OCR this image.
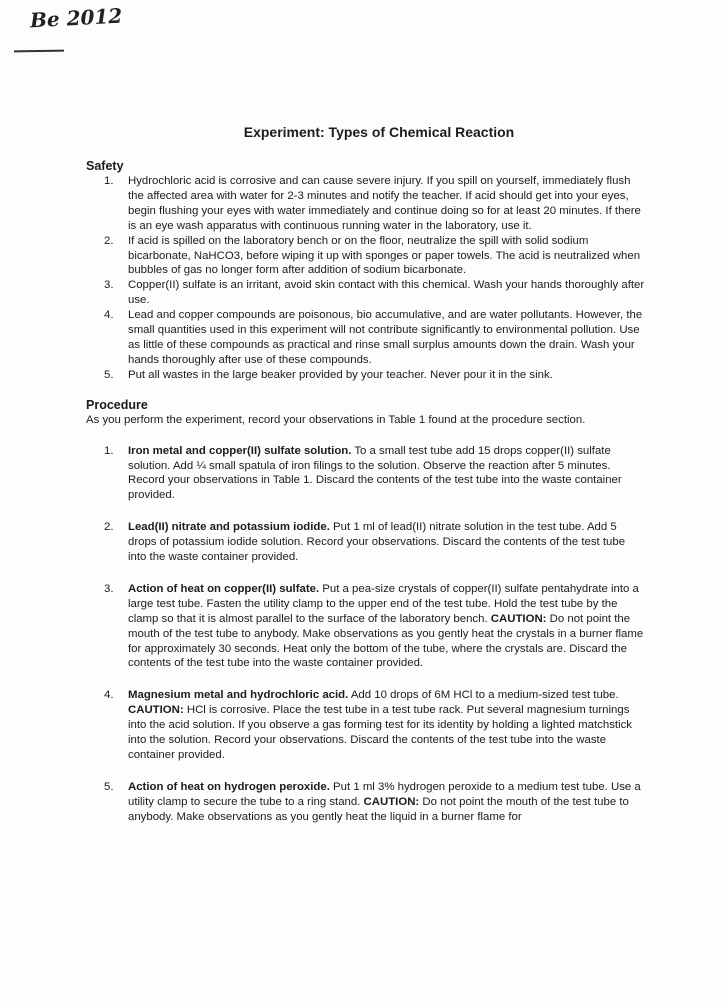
Be 2012
Experiment: Types of Chemical Reaction
Safety
1. Hydrochloric acid is corrosive and can cause severe injury. If you spill on yourself, immediately flush the affected area with water for 2-3 minutes and notify the teacher. If acid should get into your eyes, begin flushing your eyes with water immediately and continue doing so for at least 20 minutes. If there is an eye wash apparatus with continuous running water in the laboratory, use it.
2. If acid is spilled on the laboratory bench or on the floor, neutralize the spill with solid sodium bicarbonate, NaHCO3, before wiping it up with sponges or paper towels. The acid is neutralized when bubbles of gas no longer form after addition of sodium bicarbonate.
3. Copper(II) sulfate is an irritant, avoid skin contact with this chemical. Wash your hands thoroughly after use.
4. Lead and copper compounds are poisonous, bio accumulative, and are water pollutants. However, the small quantities used in this experiment will not contribute significantly to environmental pollution. Use as little of these compounds as practical and rinse small surplus amounts down the drain. Wash your hands thoroughly after use of these compounds.
5. Put all wastes in the large beaker provided by your teacher. Never pour it in the sink.
Procedure

As you perform the experiment, record your observations in Table 1 found at the procedure section.

1. Iron metal and copper(II) sulfate solution. To a small test tube add 15 drops copper(II) sulfate solution. Add ¼ small spatula of iron filings to the solution. Observe the reaction after 5 minutes. Record your observations in Table 1. Discard the contents of the test tube into the waste container provided.
2. Lead(II) nitrate and potassium iodide. Put 1 ml of lead(II) nitrate solution in the test tube. Add 5 drops of potassium iodide solution. Record your observations. Discard the contents of the test tube into the waste container provided.
3. Action of heat on copper(II) sulfate. Put a pea-size crystals of copper(II) sulfate pentahydrate into a large test tube. Fasten the utility clamp to the upper end of the test tube. Hold the test tube by the clamp so that it is almost parallel to the surface of the laboratory bench. CAUTION: Do not point the mouth of the test tube to anybody. Make observations as you gently heat the crystals in a burner flame for approximately 30 seconds. Heat only the bottom of the tube, where the crystals are. Discard the contents of the test tube into the waste container provided.
4. Magnesium metal and hydrochloric acid. Add 10 drops of 6M HCl to a medium-sized test tube. CAUTION: HCl is corrosive. Place the test tube in a test tube rack. Put several magnesium turnings into the acid solution. If you observe a gas forming test for its identity by holding a lighted matchstick into the solution. Record your observations. Discard the contents of the test tube into the waste container provided.
5. Action of heat on hydrogen peroxide. Put 1 ml 3% hydrogen peroxide to a medium test tube. Use a utility clamp to secure the tube to a ring stand. CAUTION: Do not point the mouth of the test tube to anybody. Make observations as you gently heat the liquid in a burner flame for
